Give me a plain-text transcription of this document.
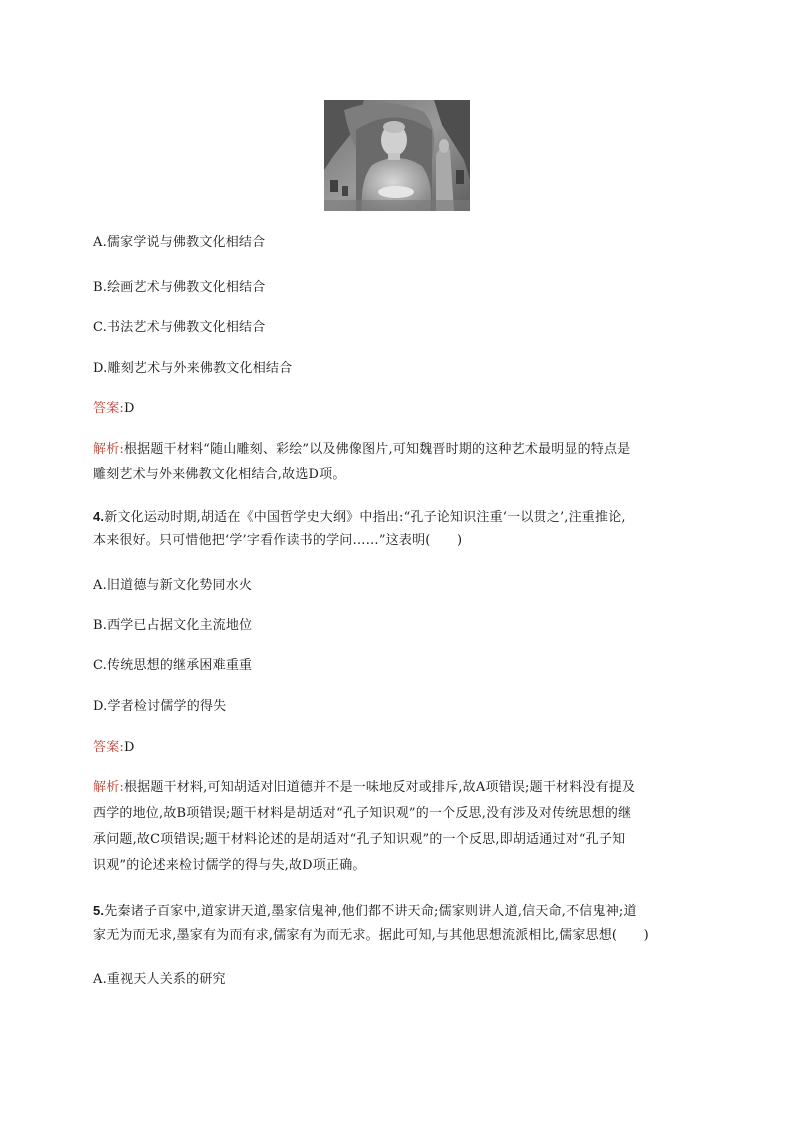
A.儒家学说与佛教文化相结合
B.绘画艺术与佛教文化相结合
C.书法艺术与佛教文化相结合
D.雕刻艺术与外来佛教文化相结合
答案:D
解析:根据题干材料“随山雕刻、彩绘”以及佛像图片,可知魏晋时期的这种艺术最明显的特点是
雕刻艺术与外来佛教文化相结合,故选D项。
4.新文化运动时期,胡适在《中国哲学史大纲》中指出:“孔子论知识注重‘一以贯之’,注重推论,
本来很好。只可惜他把‘学’字看作读书的学问……”这表明(　　)
A.旧道德与新文化势同水火
B.西学已占据文化主流地位
C.传统思想的继承困难重重
D.学者检讨儒学的得失
答案:D
解析:根据题干材料,可知胡适对旧道德并不是一味地反对或排斥,故A项错误;题干材料没有提及
西学的地位,故B项错误;题干材料是胡适对“孔子知识观”的一个反思,没有涉及对传统思想的继
承问题,故C项错误;题干材料论述的是胡适对“孔子知识观”的一个反思,即胡适通过对“孔子知
识观”的论述来检讨儒学的得与失,故D项正确。
5.先秦诸子百家中,道家讲天道,墨家信鬼神,他们都不讲天命;儒家则讲人道,信天命,不信鬼神;道
家无为而无求,墨家有为而有求,儒家有为而无求。据此可知,与其他思想流派相比,儒家思想(　　)
A.重视天人关系的研究
